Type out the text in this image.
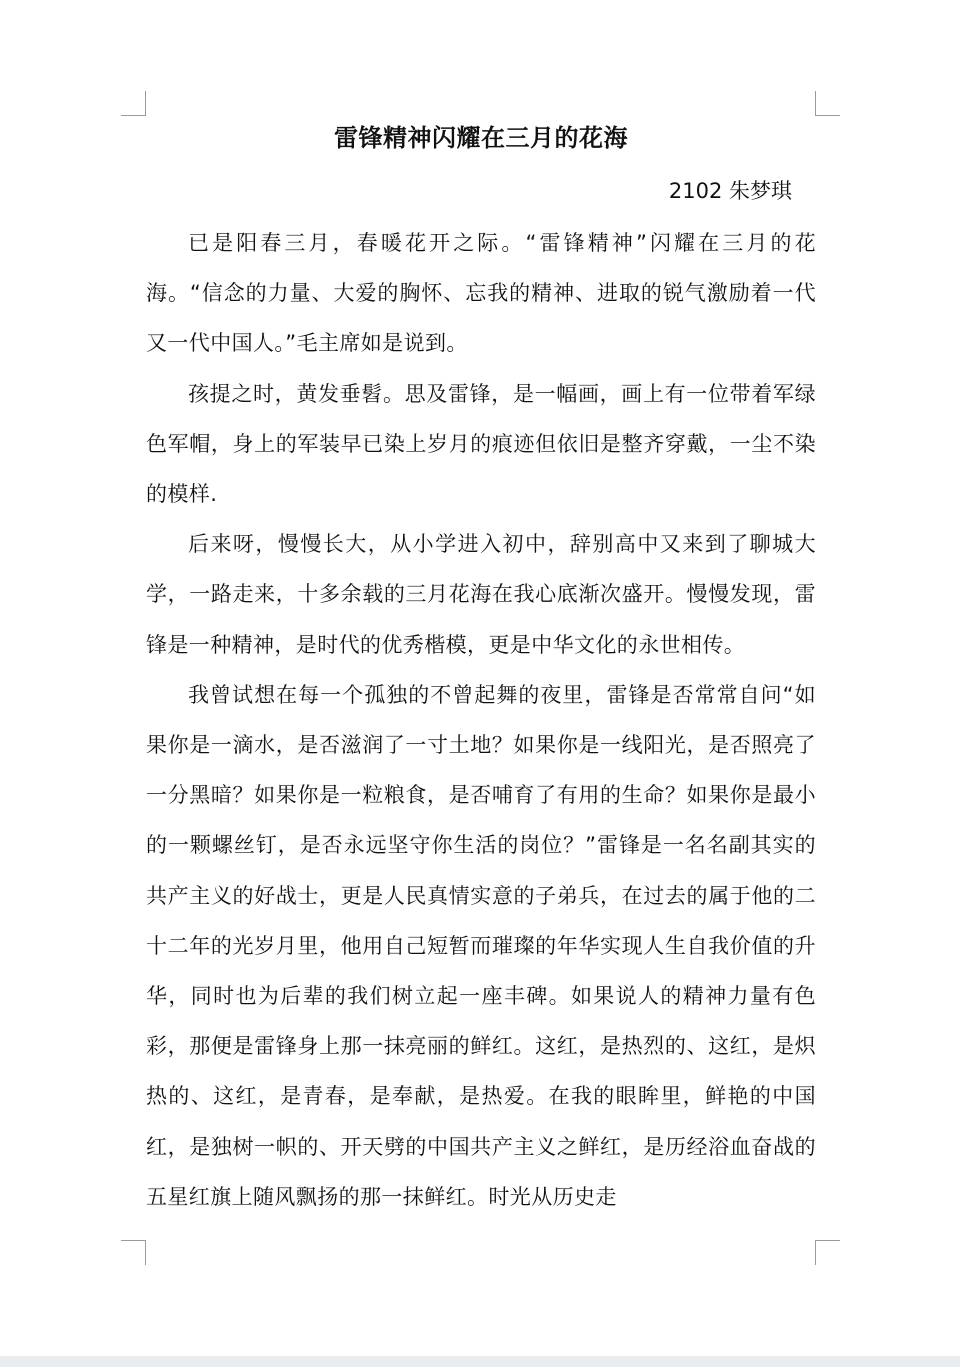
雷锋精神闪耀在三月的花海
2102 朱梦琪

已是阳春三月，春暖花开之际。“雷锋精神”闪耀在三月的花海。“信念的力量、大爱的胸怀、忘我的精神、进取的锐气激励着一代又一代中国人。”毛主席如是说到。

孩提之时，黄发垂髫。思及雷锋，是一幅画，画上有一位带着军绿色军帽，身上的军装早已染上岁月的痕迹但依旧是整齐穿戴，一尘不染的模样.

后来呀，慢慢长大，从小学进入初中，辞别高中又来到了聊城大学，一路走来，十多余载的三月花海在我心底渐次盛开。慢慢发现，雷锋是一种精神，是时代的优秀楷模，更是中华文化的永世相传。

我曾试想在每一个孤独的不曾起舞的夜里，雷锋是否常常自问“如果你是一滴水，是否滋润了一寸土地？如果你是一线阳光，是否照亮了一分黑暗？如果你是一粒粮食，是否哺育了有用的生命？如果你是最小的一颗螺丝钉，是否永远坚守你生活的岗位？”雷锋是一名名副其实的共产主义的好战士，更是人民真情实意的子弟兵，在过去的属于他的二十二年的光岁月里，他用自己短暂而璀璨的年华实现人生自我价值的升华，同时也为后辈的我们树立起一座丰碑。如果说人的精神力量有色彩，那便是雷锋身上那一抹亮丽的鲜红。这红，是热烈的、这红，是炽热的、这红，是青春，是奉献，是热爱。在我的眼眸里，鲜艳的中国红，是独树一帜的、开天劈的中国共产主义之鲜红，是历经浴血奋战的五星红旗上随风飘扬的那一抹鲜红。时光从历史走
